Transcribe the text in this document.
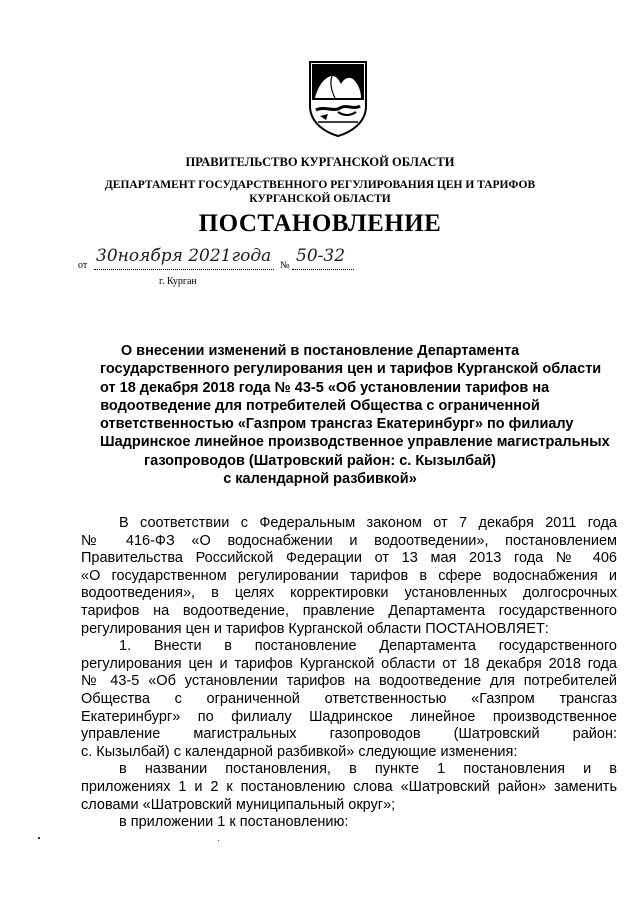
ПРАВИТЕЛЬСТВО КУРГАНСКОЙ ОБЛАСТИ
ДЕПАРТАМЕНТ ГОСУДАРСТВЕННОГО РЕГУЛИРОВАНИЯ ЦЕН И ТАРИФОВ
КУРГАНСКОЙ ОБЛАСТИ
ПОСТАНОВЛЕНИЕ
от 30ноября 2021года № 50-32
г. Курган
О внесении изменений в постановление Департамента
государственного регулирования цен и тарифов Курганской области
от 18 декабря 2018 года № 43-5 «Об установлении тарифов на
водоотведение для потребителей Общества с ограниченной
ответственностью «Газпром трансгаз Екатеринбург» по филиалу
Шадринское линейное производственное управление магистральных
газопроводов (Шатровский район: с. Кызылбай)
с календарной разбивкой»
В соответствии с Федеральным законом от 7 декабря 2011 года
№ 416-ФЗ «О водоснабжении и водоотведении», постановлением
Правительства Российской Федерации от 13 мая 2013 года № 406
«О государственном регулировании тарифов в сфере водоснабжения и
водоотведения», в целях корректировки установленных долгосрочных
тарифов на водоотведение, правление Департамента государственного
регулирования цен и тарифов Курганской области ПОСТАНОВЛЯЕТ:
1. Внести в постановление Департамента государственного
регулирования цен и тарифов Курганской области от 18 декабря 2018 года
№ 43-5 «Об установлении тарифов на водоотведение для потребителей
Общества с ограниченной ответственностью «Газпром трансгаз
Екатеринбург» по филиалу Шадринское линейное производственное
управление магистральных газопроводов (Шатровский район:
с. Кызылбай) с календарной разбивкой» следующие изменения:
в названии постановления, в пункте 1 постановления и в
приложениях 1 и 2 к постановлению слова «Шатровский район» заменить
словами «Шатровский муниципальный округ»;
в приложении 1 к постановлению:
